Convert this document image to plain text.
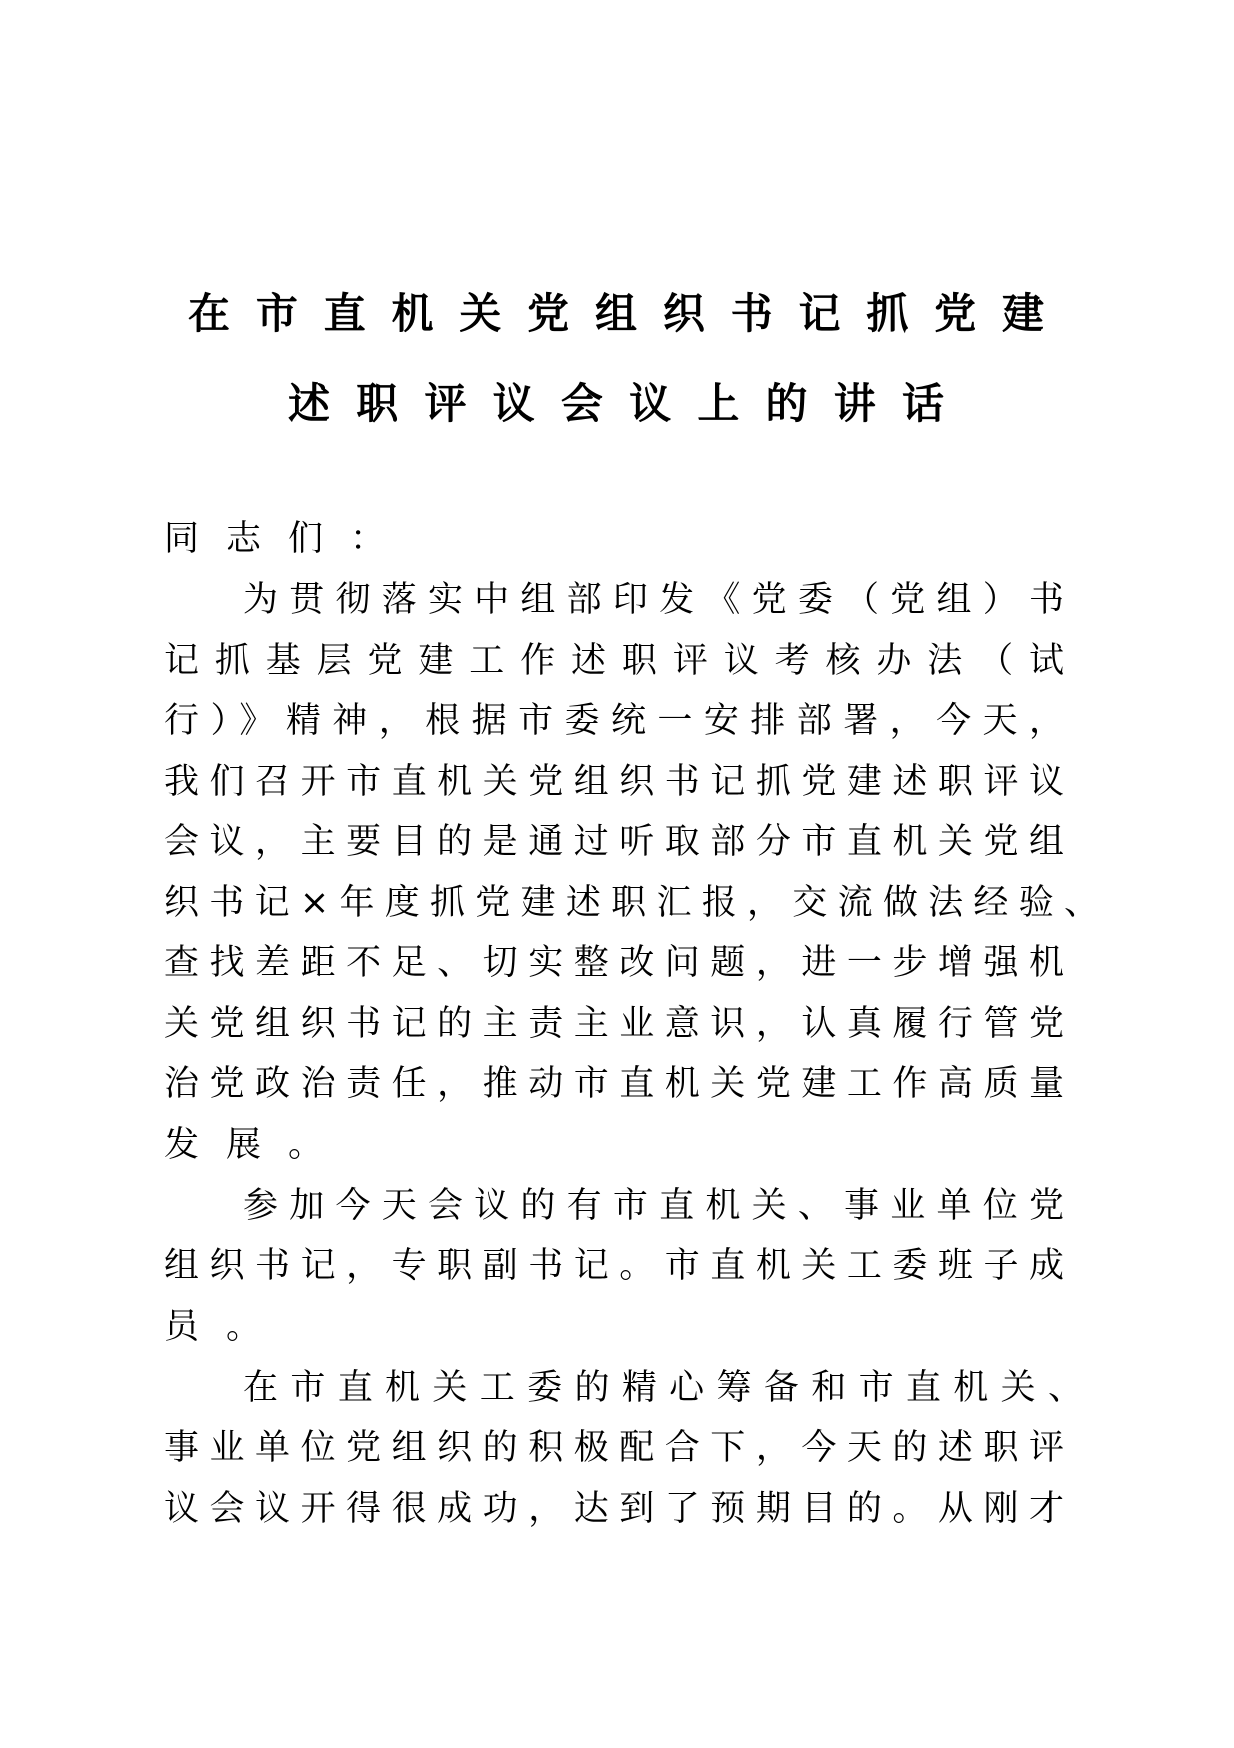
在市直机关党组织书记抓党建
述职评议会议上的讲话
同志们：
为贯彻落实中组部印发《党委（党组）书
记抓基层党建工作述职评议考核办法（试
行）》精神，根据市委统一安排部署，今天，
我们召开市直机关党组织书记抓党建述职评议
会议，主要目的是通过听取部分市直机关党组
织书记×年度抓党建述职汇报，交流做法经验、
查找差距不足、切实整改问题，进一步增强机
关党组织书记的主责主业意识，认真履行管党
治党政治责任，推动市直机关党建工作高质量
发展。
参加今天会议的有市直机关、事业单位党
组织书记，专职副书记。市直机关工委班子成
员。
在市直机关工委的精心筹备和市直机关、
事业单位党组织的积极配合下，今天的述职评
议会议开得很成功，达到了预期目的。从刚才
